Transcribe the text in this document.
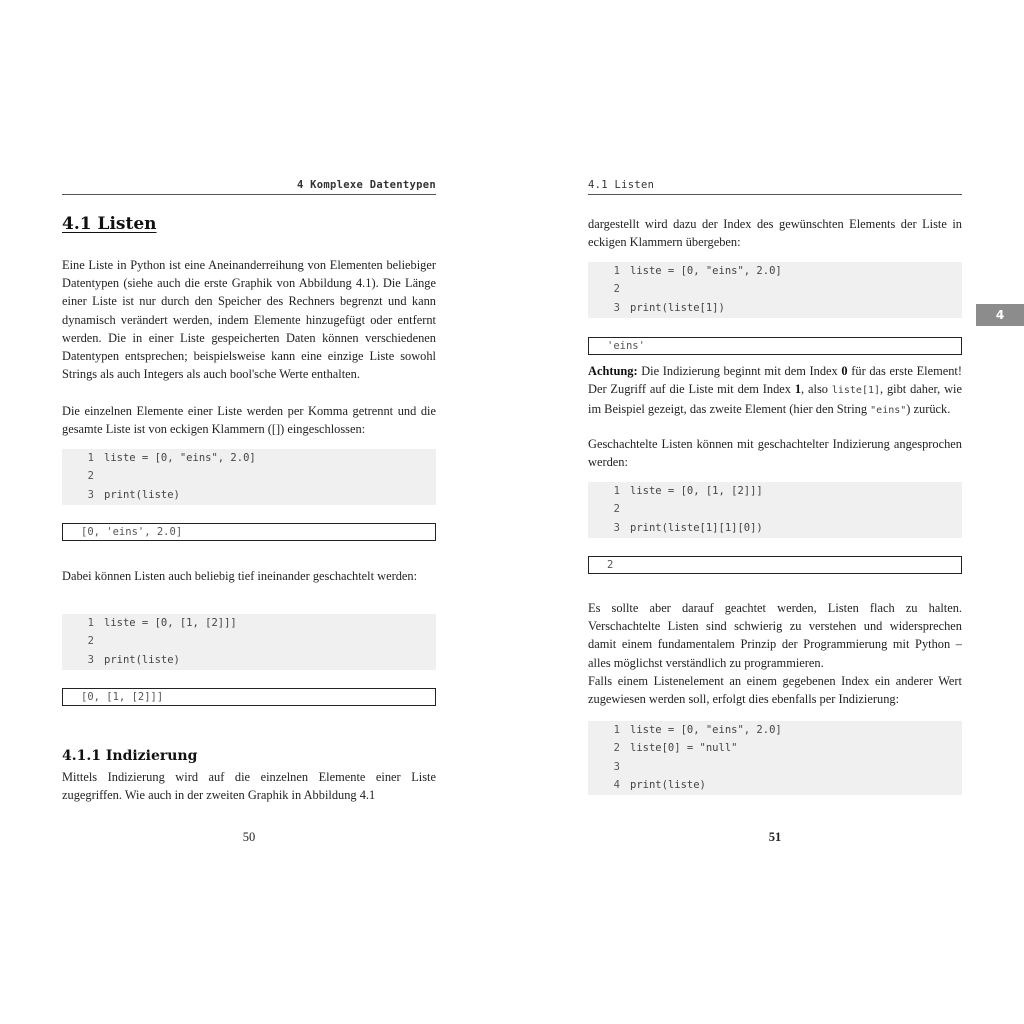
4 Komplexe Datentypen
4.1 Listen

Eine Liste in Python ist eine Aneinanderreihung von Elementen beliebiger Datentypen (siehe auch die erste Graphik von Abbildung 4.1). Die Länge einer Liste ist nur durch den Speicher des Rechners begrenzt und kann dynamisch verändert werden, indem Elemente hinzugefügt oder entfernt werden. Die in einer Liste gespeicherten Daten können verschiedenen Datentypen entsprechen; beispielsweise kann eine einzige Liste sowohl Strings als auch Integers als auch bool'sche Werte enthalten.

Die einzelnen Elemente einer Liste werden per Komma getrennt und die gesamte Liste ist von eckigen Klammern ([]) eingeschlossen:

1 liste = [0, "eins", 2.0]
2
3 print(liste)
[0, 'eins', 2.0]

Dabei können Listen auch beliebig tief ineinander geschachtelt werden:

1 liste = [0, [1, [2]]]
2
3 print(liste)
[0, [1, [2]]]
4.1.1 Indizierung

Mittels Indizierung wird auf die einzelnen Elemente einer Liste zugegriffen. Wie auch in der zweiten Graphik in Abbildung 4.1

50
4.1 Listen

dargestellt wird dazu der Index des gewünschten Elements der Liste in eckigen Klammern übergeben:

1 liste = [0, "eins", 2.0]
2
3 print(liste[1])
'eins'

Achtung: Die Indizierung beginnt mit dem Index 0 für das erste Element! Der Zugriff auf die Liste mit dem Index 1, also liste[1], gibt daher, wie im Beispiel gezeigt, das zweite Element (hier den String "eins") zurück.

Geschachtelte Listen können mit geschachtelter Indizierung angesprochen werden:

1 liste = [0, [1, [2]]]
2
3 print(liste[1][1][0])
2

Es sollte aber darauf geachtet werden, Listen flach zu halten. Verschachtelte Listen sind schwierig zu verstehen und widersprechen damit einem fundamentalem Prinzip der Programmierung mit Python – alles möglichst verständlich zu programmieren.

Falls einem Listenelement an einem gegebenen Index ein anderer Wert zugewiesen werden soll, erfolgt dies ebenfalls per Indizierung:

1 liste = [0, "eins", 2.0]
2 liste[0] = "null"
3
4 print(liste)
51
4
